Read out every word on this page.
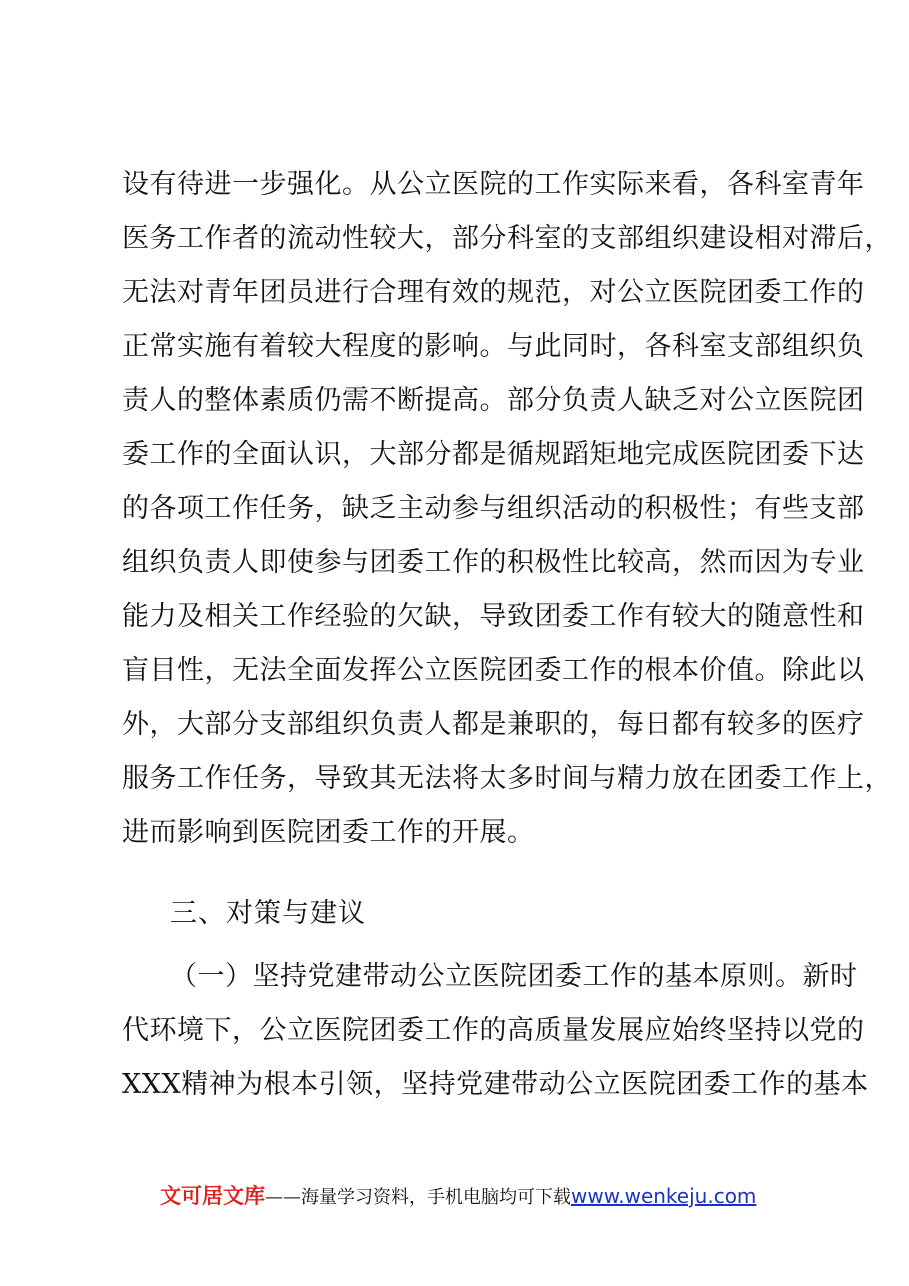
设有待进一步强化。从公立医院的工作实际来看，各科室青年
医务工作者的流动性较大，部分科室的支部组织建设相对滞后，
无法对青年团员进行合理有效的规范，对公立医院团委工作的
正常实施有着较大程度的影响。与此同时，各科室支部组织负
责人的整体素质仍需不断提高。部分负责人缺乏对公立医院团
委工作的全面认识，大部分都是循规蹈矩地完成医院团委下达
的各项工作任务，缺乏主动参与组织活动的积极性；有些支部
组织负责人即使参与团委工作的积极性比较高，然而因为专业
能力及相关工作经验的欠缺，导致团委工作有较大的随意性和
盲目性，无法全面发挥公立医院团委工作的根本价值。除此以
外，大部分支部组织负责人都是兼职的，每日都有较多的医疗
服务工作任务，导致其无法将太多时间与精力放在团委工作上，
进而影响到医院团委工作的开展。
三、对策与建议
（一）坚持党建带动公立医院团委工作的基本原则。新时
代环境下，公立医院团委工作的高质量发展应始终坚持以党的
XXX精神为根本引领，坚持党建带动公立医院团委工作的基本
文可居文库——海量学习资料，手机电脑均可下载www.wenkeju.com
